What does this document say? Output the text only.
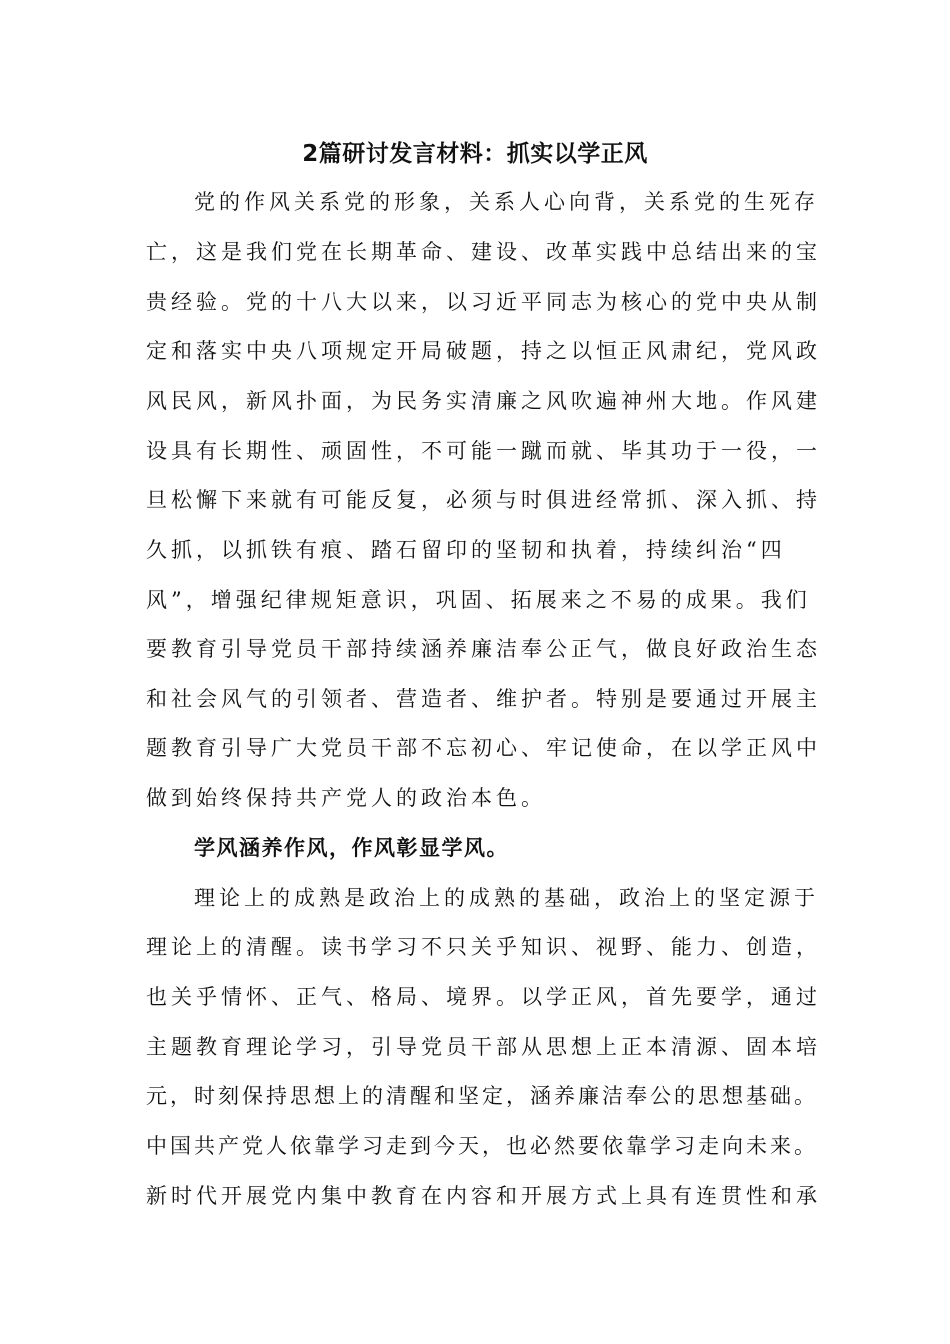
2篇研讨发言材料：抓实以学正风

党的作风关系党的形象，关系人心向背，关系党的生死存

亡，这是我们党在长期革命、建设、改革实践中总结出来的宝

贵经验。党的十八大以来，以习近平同志为核心的党中央从制

定和落实中央八项规定开局破题，持之以恒正风肃纪，党风政

风民风，新风扑面，为民务实清廉之风吹遍神州大地。作风建

设具有长期性、顽固性，不可能一蹴而就、毕其功于一役，一

旦松懈下来就有可能反复，必须与时俱进经常抓、深入抓、持

久抓，以抓铁有痕、踏石留印的坚韧和执着，持续纠治“四

风”，增强纪律规矩意识，巩固、拓展来之不易的成果。我们

要教育引导党员干部持续涵养廉洁奉公正气，做良好政治生态

和社会风气的引领者、营造者、维护者。特别是要通过开展主

题教育引导广大党员干部不忘初心、牢记使命，在以学正风中

做到始终保持共产党人的政治本色。

学风涵养作风，作风彰显学风。

理论上的成熟是政治上的成熟的基础，政治上的坚定源于

理论上的清醒。读书学习不只关乎知识、视野、能力、创造，

也关乎情怀、正气、格局、境界。以学正风，首先要学，通过

主题教育理论学习，引导党员干部从思想上正本清源、固本培

元，时刻保持思想上的清醒和坚定，涵养廉洁奉公的思想基础。

中国共产党人依靠学习走到今天，也必然要依靠学习走向未来。

新时代开展党内集中教育在内容和开展方式上具有连贯性和承
